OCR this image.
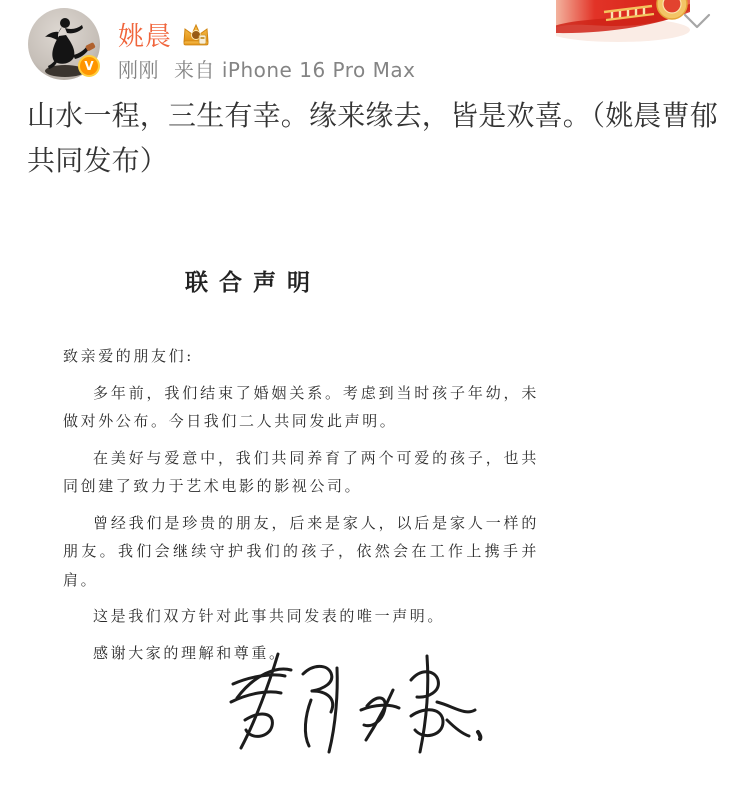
V
姚晨
刚刚 来自 iPhone 16 Pro Max
山水一程，三生有幸。缘来缘去，皆是欢喜。（姚晨曹郁共同发布）
联合声明

致亲爱的朋友们:

多年前，我们结束了婚姻关系。考虑到当时孩子年幼，未做对外公布。今日我们二人共同发此声明。

在美好与爱意中，我们共同养育了两个可爱的孩子，也共同创建了致力于艺术电影的影视公司。

曾经我们是珍贵的朋友，后来是家人，以后是家人一样的朋友。我们会继续守护我们的孩子，依然会在工作上携手并肩。

这是我们双方针对此事共同发表的唯一声明。

感谢大家的理解和尊重。
